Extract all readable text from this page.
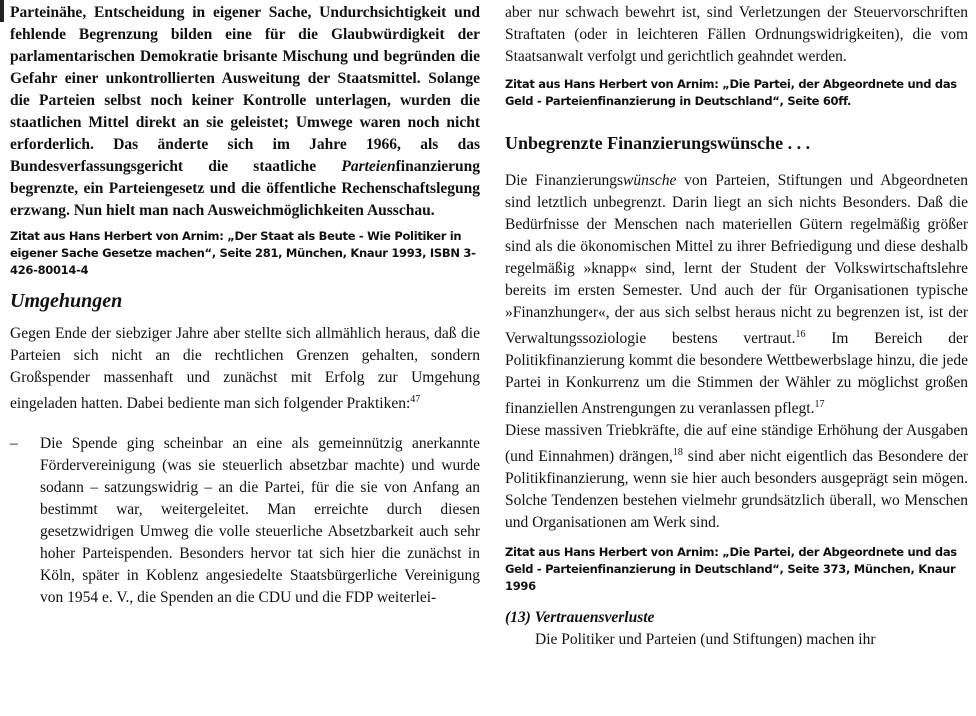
Parteinähe, Entscheidung in eigener Sache, Undurchsichtigkeit und fehlende Begrenzung bilden eine für die Glaubwürdigkeit der parlamentarischen Demokratie brisante Mischung und begründen die Gefahr einer unkontrollierten Ausweitung der Staatsmittel. Solange die Parteien selbst noch keiner Kontrolle unterlagen, wurden die staatlichen Mittel direkt an sie geleistet; Umwege waren noch nicht erforderlich. Das änderte sich im Jahre 1966, als das Bundesverfassungsgericht die staatliche Parteienfinanzierung begrenzte, ein Parteiengesetz und die öffentliche Rechenschaftslegung erzwang. Nun hielt man nach Ausweichmöglichkeiten Ausschau.

Zitat aus Hans Herbert von Arnim: „Der Staat als Beute - Wie Politiker in eigener Sache Gesetze machen“, Seite 281, München, Knaur 1993, ISBN 3-426-80014-4
Umgehungen

Gegen Ende der siebziger Jahre aber stellte sich allmählich heraus, daß die Parteien sich nicht an die rechtlichen Grenzen gehalten, sondern Großspender massenhaft und zunächst mit Erfolg zur Umgehung eingeladen hatten. Dabei bediente man sich folgender Praktiken:$^{47}$

–	Die Spende ging scheinbar an eine als gemeinnützig anerkannte Fördervereinigung (was sie steuerlich absetzbar machte) und wurde sodann – satzungswidrig – an die Partei, für die sie von Anfang an bestimmt war, weitergeleitet. Man erreichte durch diesen gesetzwidrigen Umweg die volle steuerliche Absetzbarkeit auch sehr hoher Parteispenden. Besonders hervor tat sich hier die zunächst in Köln, später in Koblenz angesiedelte Staatsbürgerliche Vereinigung von 1954 e. V., die Spenden an die CDU und die FDP weiterlei-

aber nur schwach bewehrt ist, sind Verletzungen der Steuervorschriften Straftaten (oder in leichteren Fällen Ordnungswidrigkeiten), die vom Staatsanwalt verfolgt und gerichtlich geahndet werden.

Zitat aus Hans Herbert von Arnim: „Die Partei, der Abgeordnete und das Geld - Parteienfinanzierung in Deutschland“, Seite 60ff.
Unbegrenzte Finanzierungswünsche . . .

Die Finanzierungswünsche von Parteien, Stiftungen und Abgeordneten sind letztlich unbegrenzt. Darin liegt an sich nichts Besonders. Daß die Bedürfnisse der Menschen nach materiellen Gütern regelmäßig größer sind als die ökonomischen Mittel zu ihrer Befriedigung und diese deshalb regelmäßig »knapp« sind, lernt der Student der Volkswirtschaftslehre bereits im ersten Semester. Und auch der für Organisationen typische »Finanzhunger«, der aus sich selbst heraus nicht zu begrenzen ist, ist der Verwaltungssoziologie bestens vertraut.$^{16}$ Im Bereich der Politikfinanzierung kommt die besondere Wettbewerbslage hinzu, die jede Partei in Konkurrenz um die Stimmen der Wähler zu möglichst großen finanziellen Anstrengungen zu veranlassen pflegt.$^{17}$

Diese massiven Triebkräfte, die auf eine ständige Erhöhung der Ausgaben (und Einnahmen) drängen,$^{18}$ sind aber nicht eigentlich das Besondere der Politikfinanzierung, wenn sie hier auch besonders ausgeprägt sein mögen. Solche Tendenzen bestehen vielmehr grundsätzlich überall, wo Menschen und Organisationen am Werk sind.

Zitat aus Hans Herbert von Arnim: „Die Partei, der Abgeordnete und das Geld - Parteienfinanzierung in Deutschland“, Seite 373, München, Knaur 1996
(13) Vertrauensverluste

Die Politiker und Parteien (und Stiftungen) machen ihr
